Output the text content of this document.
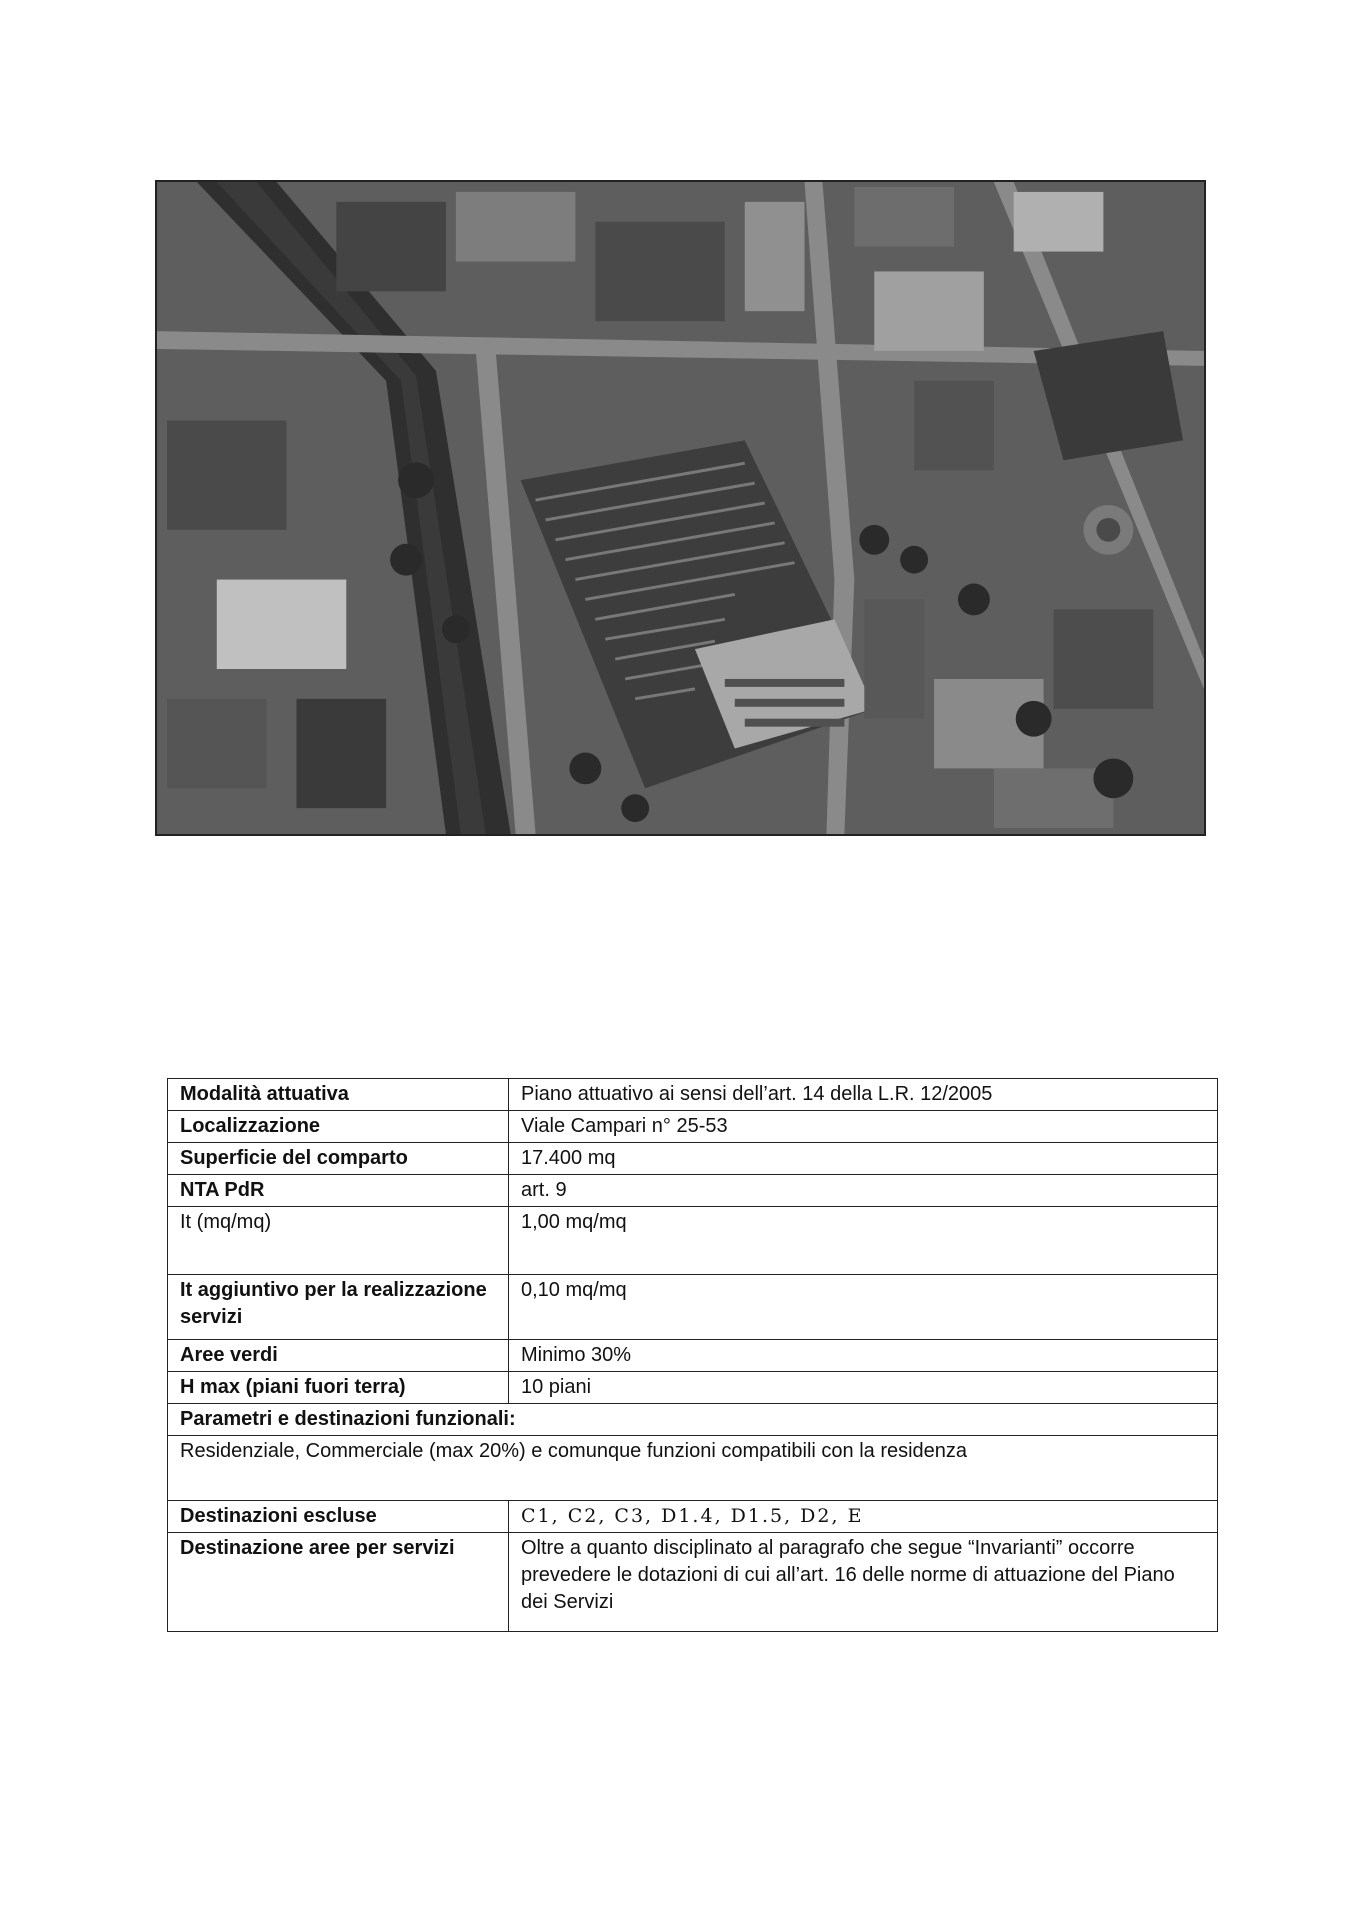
Modalità attuativa	Piano attuativo ai sensi dell’art. 14 della L.R. 12/2005
Localizzazione	Viale Campari n° 25-53
Superficie del comparto	17.400 mq
NTA PdR	art. 9
It (mq/mq)	1,00 mq/mq
It aggiuntivo per la realizzazione servizi	0,10 mq/mq
Aree verdi	Minimo 30%
H max (piani fuori terra)	10 piani
Parametri e destinazioni funzionali:	
Residenziale, Commerciale (max 20%) e comunque funzioni compatibili con la residenza	
Destinazioni escluse	C1, C2, C3, D1.4, D1.5, D2, E
Destinazione aree per servizi	Oltre a quanto disciplinato al paragrafo che segue “Invarianti” occorre prevedere le dotazioni di cui all’art. 16 delle norme di attuazione del Piano dei Servizi
